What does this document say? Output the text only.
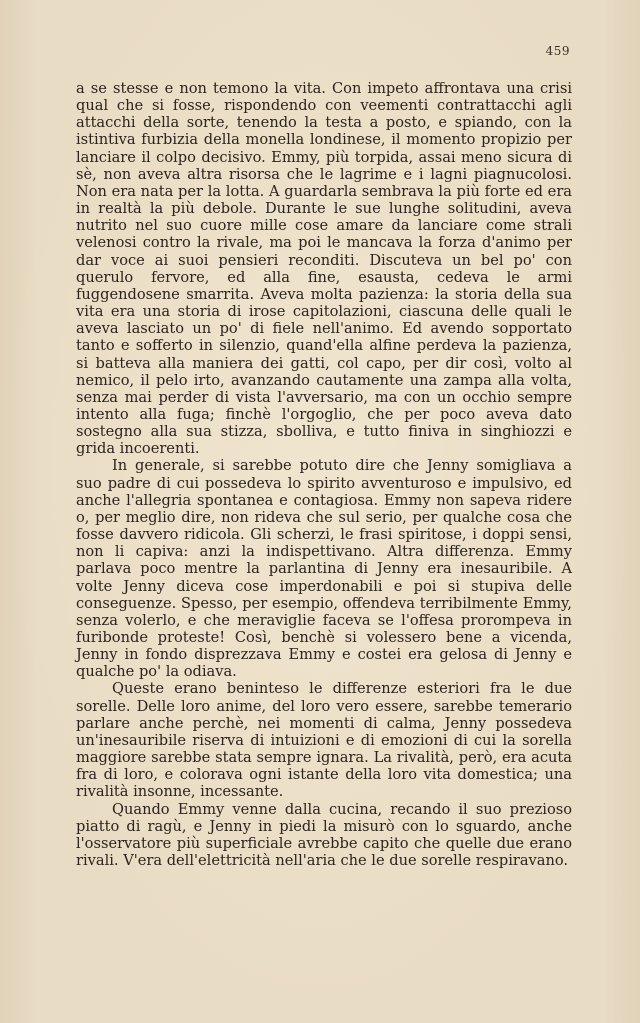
459

a se stesse e non temono la vita. Con impeto affrontava una crisi qual che si fosse, rispondendo con veementi contrattacchi agli attacchi della sorte, tenendo la testa a posto, e spiando, con la istintiva furbizia della monella londinese, il momento propizio per lanciare il colpo decisivo. Emmy, più torpida, assai meno sicura di sè, non aveva altra risorsa che le lagrime e i lagni piagnucolosi. Non era nata per la lotta. A guardarla sembrava la più forte ed era in realtà la più debole. Durante le sue lunghe solitudini, aveva nutrito nel suo cuore mille cose amare da lanciare come strali velenosi contro la rivale, ma poi le mancava la forza d'animo per dar voce ai suoi pensieri reconditi. Discuteva un bel po' con querulo fervore, ed alla fine, esausta, cedeva le armi fuggendosene smarrita. Aveva molta pazienza: la storia della sua vita era una storia di irose capitolazioni, ciascuna delle quali le aveva lasciato un po' di fiele nell'animo. Ed avendo sopportato tanto e sofferto in silenzio, quand'ella alfine perdeva la pazienza, si batteva alla maniera dei gatti, col capo, per dir così, volto al nemico, il pelo irto, avanzando cautamente una zampa alla volta, senza mai perder di vista l'avversario, ma con un occhio sempre intento alla fuga; finchè l'orgoglio, che per poco aveva dato sostegno alla sua stizza, sbolliva, e tutto finiva in singhiozzi e grida incoerenti.

In generale, si sarebbe potuto dire che Jenny somigliava a suo padre di cui possedeva lo spirito avventuroso e impulsivo, ed anche l'allegria spontanea e contagiosa. Emmy non sapeva ridere o, per meglio dire, non rideva che sul serio, per qualche cosa che fosse davvero ridicola. Gli scherzi, le frasi spiritose, i doppi sensi, non li capiva: anzi la indispettivano. Altra differenza. Emmy parlava poco mentre la parlantina di Jenny era inesauribile. A volte Jenny diceva cose imperdonabili e poi si stupiva delle conseguenze. Spesso, per esempio, offendeva terribilmente Emmy, senza volerlo, e che meraviglie faceva se l'offesa prorompeva in furibonde proteste! Così, benchè si volessero bene a vicenda, Jenny in fondo disprezzava Emmy e costei era gelosa di Jenny e qualche po' la odiava.

Queste erano beninteso le differenze esteriori fra le due sorelle. Delle loro anime, del loro vero essere, sarebbe temerario parlare anche perchè, nei momenti di calma, Jenny possedeva un'inesauribile riserva di intuizioni e di emozioni di cui la sorella maggiore sarebbe stata sempre ignara. La rivalità, però, era acuta fra di loro, e colorava ogni istante della loro vita domestica; una rivalità insonne, incessante.

Quando Emmy venne dalla cucina, recando il suo prezioso piatto di ragù, e Jenny in piedi la misurò con lo sguardo, anche l'osservatore più superficiale avrebbe capito che quelle due erano rivali. V'era dell'elettricità nell'aria che le due sorelle respiravano.
